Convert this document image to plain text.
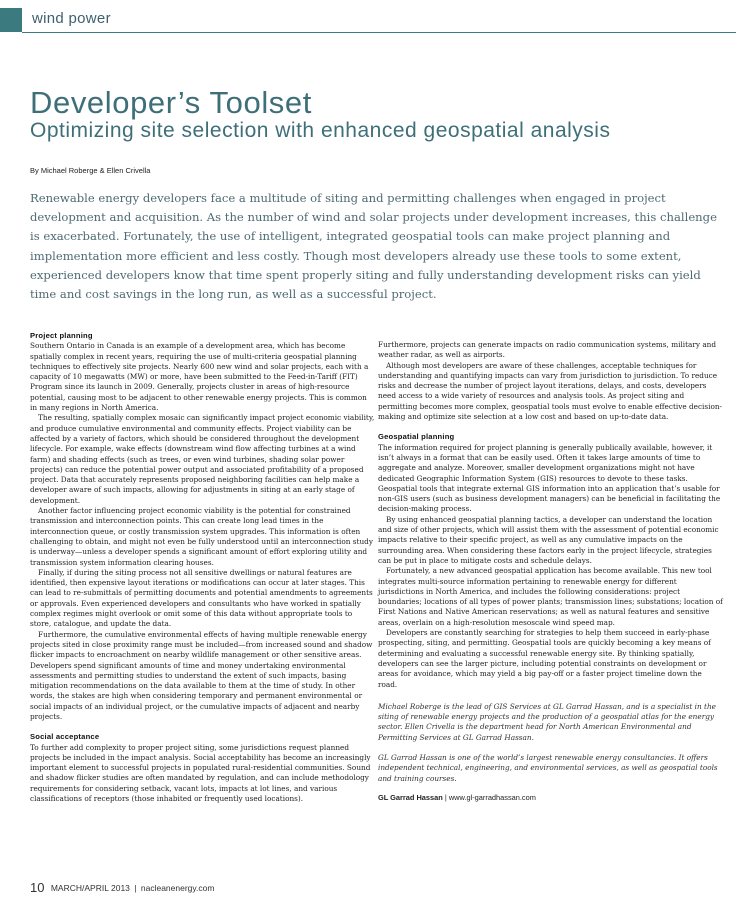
wind power
Developer’s Toolset
Optimizing site selection with enhanced geospatial analysis
By Michael Roberge & Ellen Crivella

Renewable energy developers face a multitude of siting and permitting challenges when engaged in project development and acquisition. As the number of wind and solar projects under development increases, this challenge is exacerbated. Fortunately, the use of intelligent, integrated geospatial tools can make project planning and implementation more efficient and less costly. Though most developers already use these tools to some extent, experienced developers know that time spent properly siting and fully understanding development risks can yield time and cost savings in the long run, as well as a successful project.

Project planning

Southern Ontario in Canada is an example of a development area, which has become spatially complex in recent years, requiring the use of multi-criteria geospatial planning techniques to effectively site projects. Nearly 600 new wind and solar projects, each with a capacity of 10 megawatts (MW) or more, have been submitted to the Feed-in-Tariff (FIT) Program since its launch in 2009. Generally, projects cluster in areas of high-resource potential, causing most to be adjacent to other renewable energy projects. This is common in many regions in North America.

The resulting, spatially complex mosaic can significantly impact project economic viability, and produce cumulative environmental and community effects. Project viability can be affected by a variety of factors, which should be considered throughout the development lifecycle. For example, wake effects (downstream wind flow affecting turbines at a wind farm) and shading effects (such as trees, or even wind turbines, shading solar power projects) can reduce the potential power output and associated profitability of a proposed project. Data that accurately represents proposed neighboring facilities can help make a developer aware of such impacts, allowing for adjustments in siting at an early stage of development.

Another factor influencing project economic viability is the potential for constrained transmission and interconnection points. This can create long lead times in the interconnection queue, or costly transmission system upgrades. This information is often challenging to obtain, and might not even be fully understood until an interconnection study is underway—unless a developer spends a significant amount of effort exploring utility and transmission system information clearing houses.

Finally, if during the siting process not all sensitive dwellings or natural features are identified, then expensive layout iterations or modifications can occur at later stages. This can lead to re-submittals of permitting documents and potential amendments to agreements or approvals. Even experienced developers and consultants who have worked in spatially complex regimes might overlook or omit some of this data without appropriate tools to store, catalogue, and update the data.

Furthermore, the cumulative environmental effects of having multiple renewable energy projects sited in close proximity range must be included—from increased sound and shadow flicker impacts to encroachment on nearby wildlife management or other sensitive areas. Developers spend significant amounts of time and money undertaking environmental assessments and permitting studies to understand the extent of such impacts, basing mitigation recommendations on the data available to them at the time of study. In other words, the stakes are high when considering temporary and permanent environmental or social impacts of an individual project, or the cumulative impacts of adjacent and nearby projects.

Social acceptance

To further add complexity to proper project siting, some jurisdictions request planned projects be included in the impact analysis. Social acceptability has become an increasingly important element to successful projects in populated rural-residential communities. Sound and shadow flicker studies are often mandated by regulation, and can include methodology requirements for considering setback, vacant lots, impacts at lot lines, and various classifications of receptors (those inhabited or frequently used locations).

Furthermore, projects can generate impacts on radio communication systems, military and weather radar, as well as airports.

Although most developers are aware of these challenges, acceptable techniques for understanding and quantifying impacts can vary from jurisdiction to jurisdiction. To reduce risks and decrease the number of project layout iterations, delays, and costs, developers need access to a wide variety of resources and analysis tools. As project siting and permitting becomes more complex, geospatial tools must evolve to enable effective decision-making and optimize site selection at a low cost and based on up-to-date data.

Geospatial planning

The information required for project planning is generally publically available, however, it isn’t always in a format that can be easily used. Often it takes large amounts of time to aggregate and analyze. Moreover, smaller development organizations might not have dedicated Geographic Information System (GIS) resources to devote to these tasks. Geospatial tools that integrate external GIS information into an application that’s usable for non-GIS users (such as business development managers) can be beneficial in facilitating the decision-making process.

By using enhanced geospatial planning tactics, a developer can understand the location and size of other projects, which will assist them with the assessment of potential economic impacts relative to their specific project, as well as any cumulative impacts on the surrounding area. When considering these factors early in the project lifecycle, strategies can be put in place to mitigate costs and schedule delays.

Fortunately, a new advanced geospatial application has become available. This new tool integrates multi-source information pertaining to renewable energy for different jurisdictions in North America, and includes the following considerations: project boundaries; locations of all types of power plants; transmission lines; substations; location of First Nations and Native American reservations; as well as natural features and sensitive areas, overlain on a high-resolution mesoscale wind speed map.

Developers are constantly searching for strategies to help them succeed in early-phase prospecting, siting, and permitting. Geospatial tools are quickly becoming a key means of determining and evaluating a successful renewable energy site. By thinking spatially, developers can see the larger picture, including potential constraints on development or areas for avoidance, which may yield a big pay-off or a faster project timeline down the road.

Michael Roberge is the lead of GIS Services at GL Garrad Hassan, and is a specialist in the siting of renewable energy projects and the production of a geospatial atlas for the energy sector. Ellen Crivella is the department head for North American Environmental and Permitting Services at GL Garrad Hassan.

GL Garrad Hassan is one of the world’s largest renewable energy consultancies. It offers independent technical, engineering, and environmental services, as well as geospatial tools and training courses.

GL Garrad Hassan | www.gl-garradhassan.com

10 MARCH/APRIL 2013 | nacleanenergy.com
